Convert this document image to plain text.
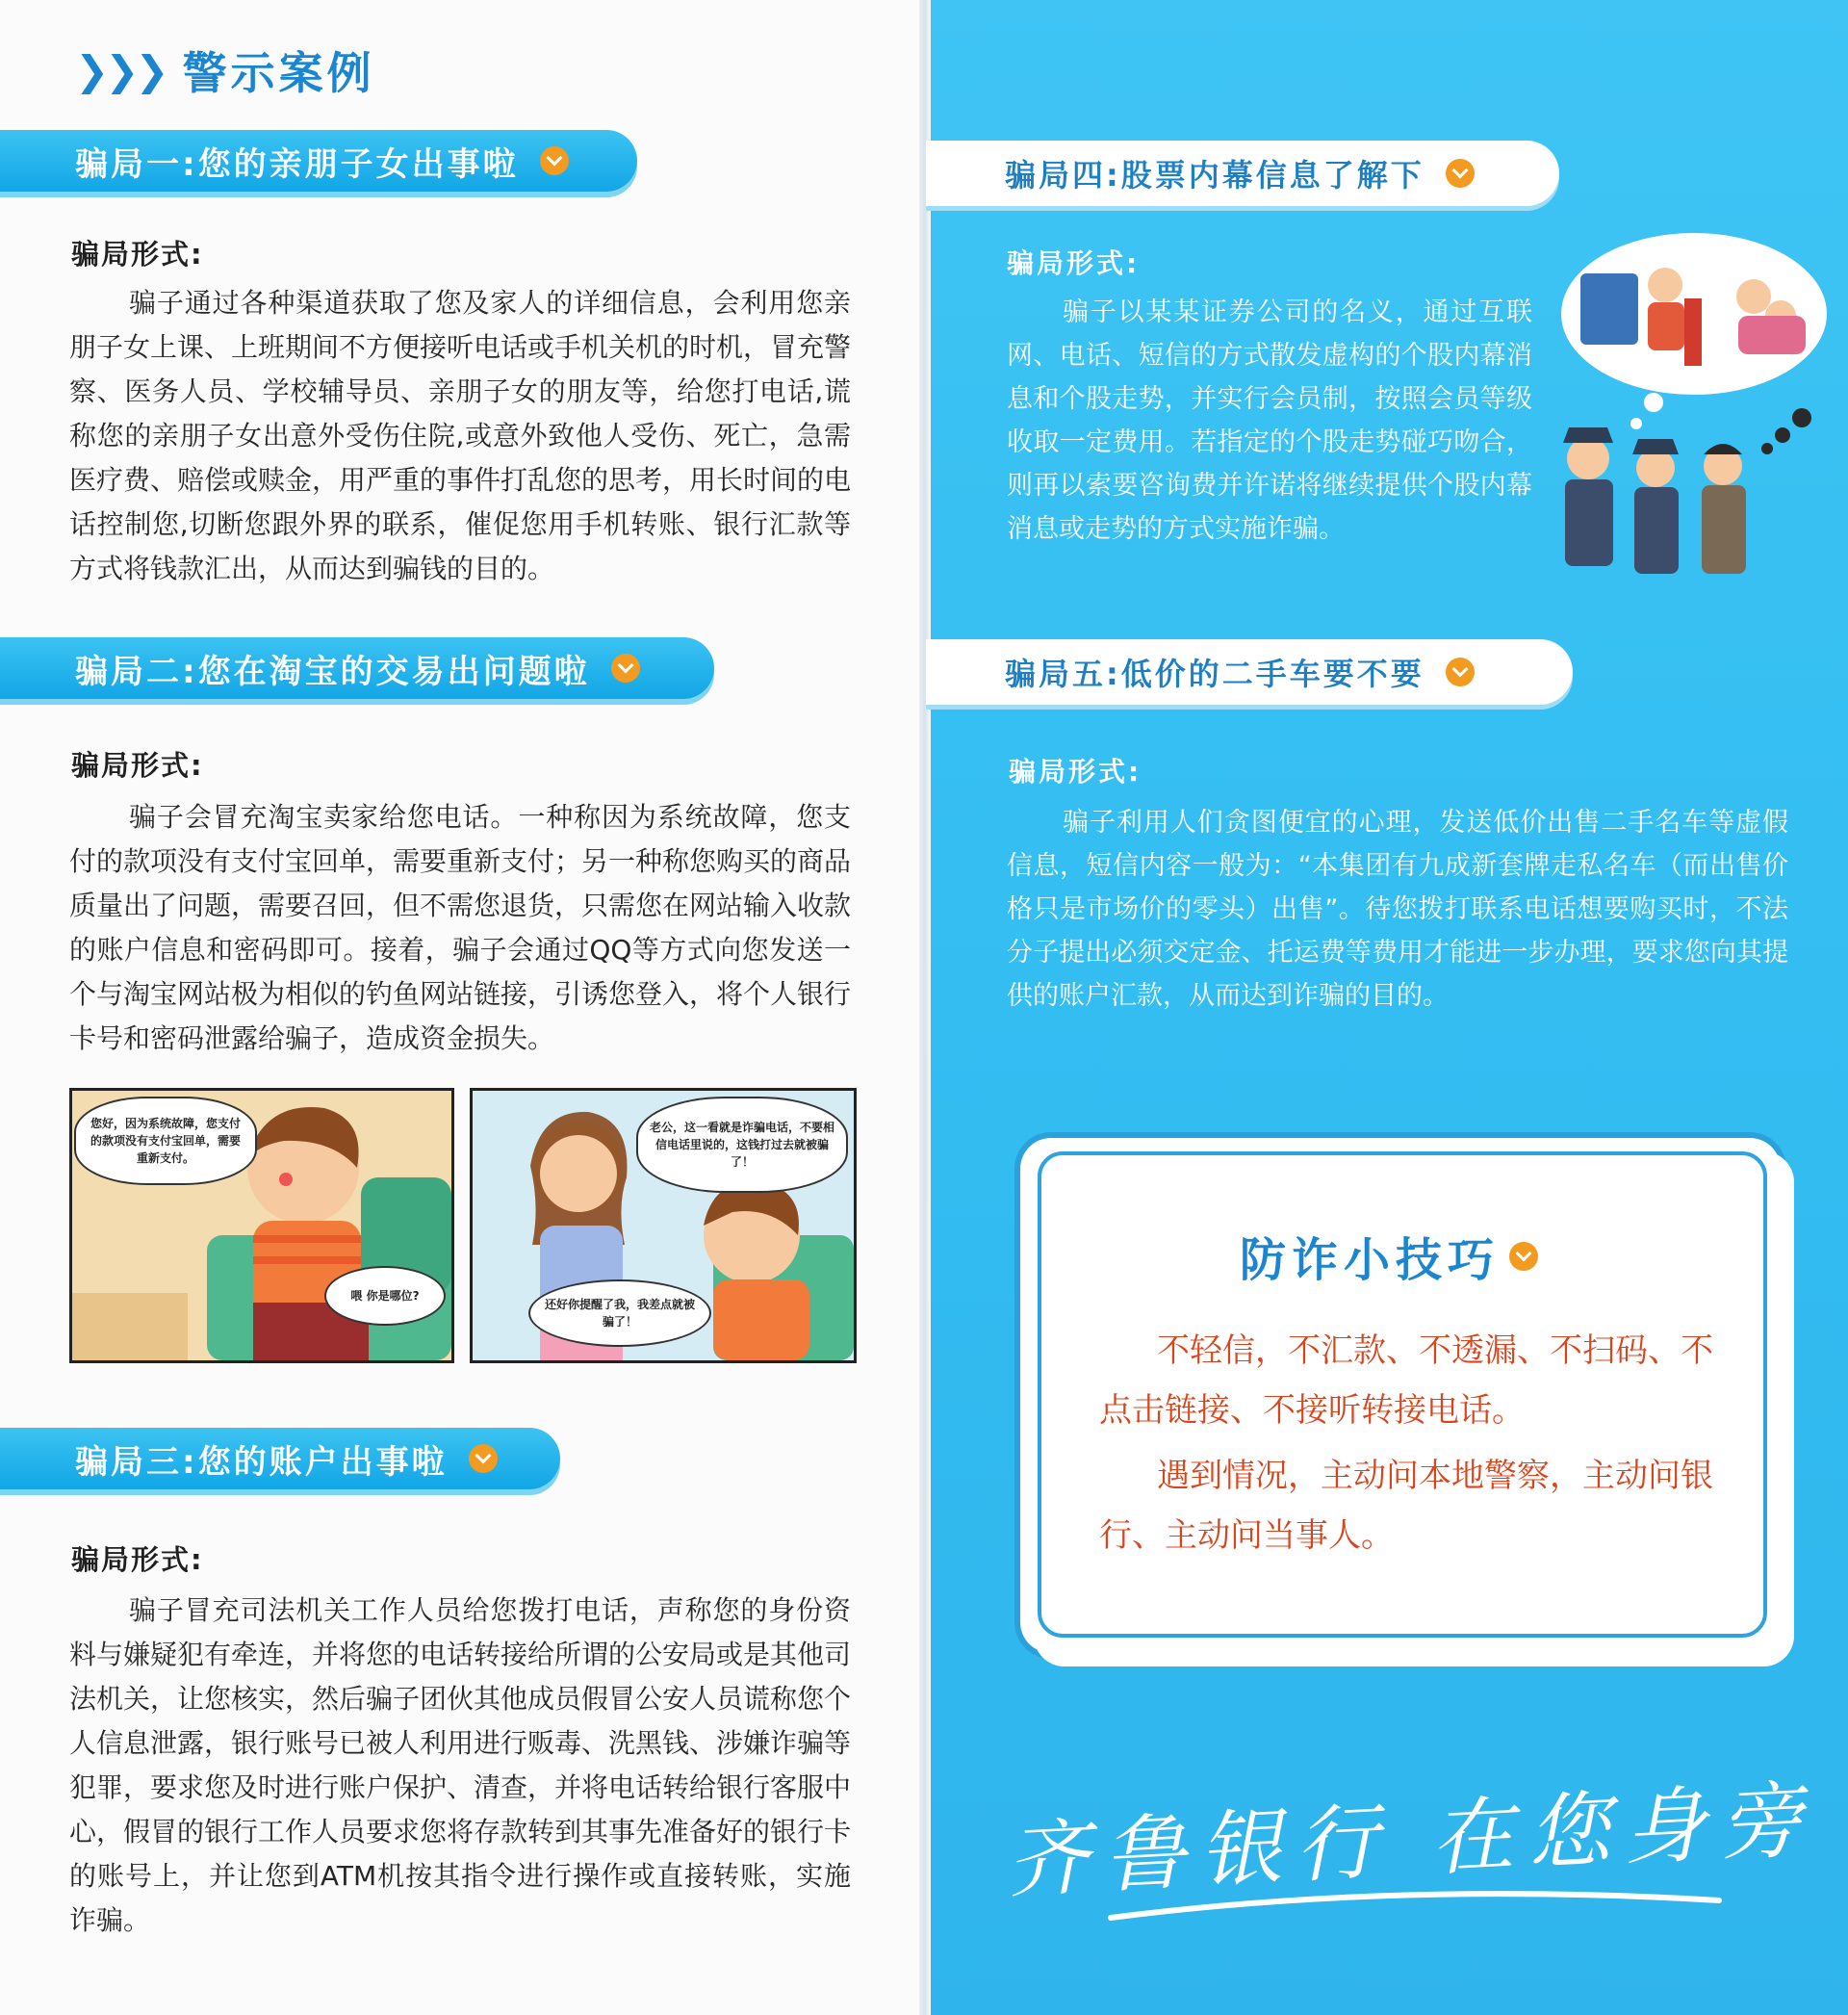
❯❯❯ 警示案例
骗局一:您的亲朋子女出事啦
骗局形式:

骗子通过各种渠道获取了您及家人的详细信息，会利用您亲朋子女上课、上班期间不方便接听电话或手机关机的时机，冒充警察、医务人员、学校辅导员、亲朋子女的朋友等，给您打电话,谎称您的亲朋子女出意外受伤住院,或意外致他人受伤、死亡，急需医疗费、赔偿或赎金，用严重的事件打乱您的思考，用长时间的电话控制您,切断您跟外界的联系，催促您用手机转账、银行汇款等方式将钱款汇出，从而达到骗钱的目的。

骗局二:您在淘宝的交易出问题啦
骗局形式:

骗子会冒充淘宝卖家给您电话。一种称因为系统故障，您支付的款项没有支付宝回单，需要重新支付；另一种称您购买的商品质量出了问题，需要召回，但不需您退货，只需您在网站输入收款的账户信息和密码即可。接着，骗子会通过QQ等方式向您发送一个与淘宝网站极为相似的钓鱼网站链接，引诱您登入，将个人银行卡号和密码泄露给骗子，造成资金损失。

您好，因为系统故障，您支付的款项没有支付宝回单，需要重新支付。
喂 你是哪位?
老公，这一看就是诈骗电话，不要相信电话里说的，这钱打过去就被骗了！
还好你提醒了我，我差点就被骗了！
骗局三:您的账户出事啦
骗局形式:

骗子冒充司法机关工作人员给您拨打电话，声称您的身份资料与嫌疑犯有牵连，并将您的电话转接给所谓的公安局或是其他司法机关，让您核实，然后骗子团伙其他成员假冒公安人员谎称您个人信息泄露，银行账号已被人利用进行贩毒、洗黑钱、涉嫌诈骗等犯罪，要求您及时进行账户保护、清查，并将电话转给银行客服中心，假冒的银行工作人员要求您将存款转到其事先准备好的银行卡的账号上，并让您到ATM机按其指令进行操作或直接转账，实施诈骗。

骗局四:股票内幕信息了解下
骗局形式:

骗子以某某证券公司的名义，通过互联网、电话、短信的方式散发虚构的个股内幕消息和个股走势，并实行会员制，按照会员等级收取一定费用。若指定的个股走势碰巧吻合，则再以索要咨询费并许诺将继续提供个股内幕消息或走势的方式实施诈骗。

骗局五:低价的二手车要不要
骗局形式:

骗子利用人们贪图便宜的心理，发送低价出售二手名车等虚假信息，短信内容一般为：“本集团有九成新套牌走私名车（而出售价格只是市场价的零头）出售”。待您拨打联系电话想要购买时，不法分子提出必须交定金、托运费等费用才能进一步办理，要求您向其提供的账户汇款，从而达到诈骗的目的。

防诈小技巧

不轻信，不汇款、不透漏、不扫码、不点击链接、不接听转接电话。

遇到情况，主动问本地警察，主动问银行、主动问当事人。

齐鲁银行 在您身旁
